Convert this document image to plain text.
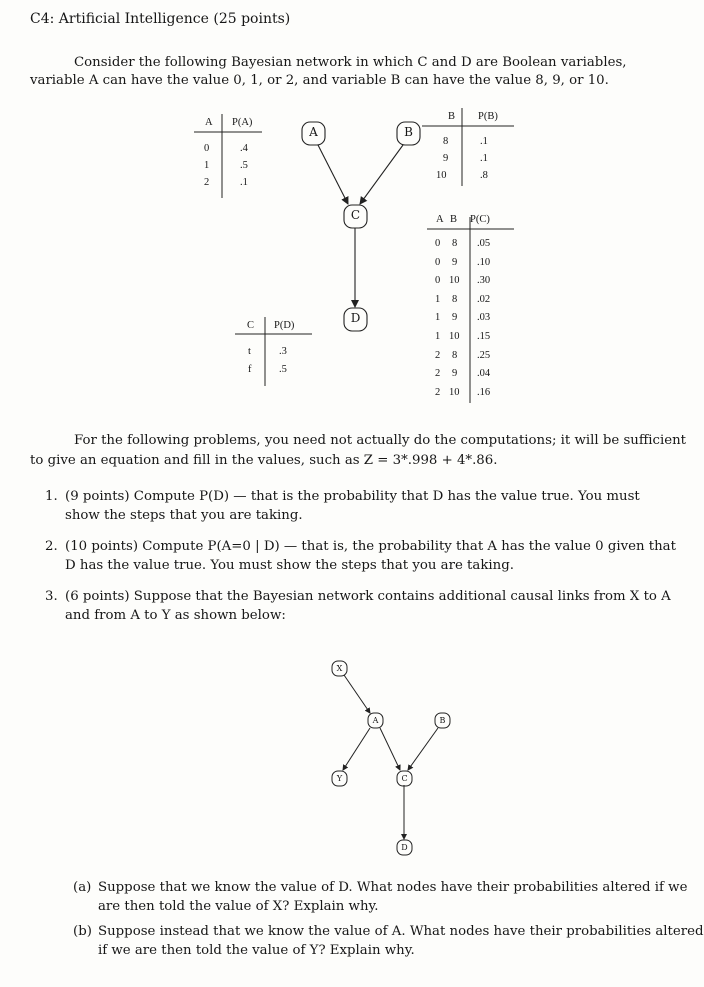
C4: Artificial Intelligence (25 points)
Consider the following Bayesian network in which C and D are Boolean variables,
variable A can have the value 0, 1, or 2, and variable B can have the value 8, 9, or 10.
A	B
C
D
A P(A)
0	.4
1	.5
2	.1
B P(B)
8	.1
9	.1
10	.8
A B P(C)
0 8 .05
0 9 .10
0 10 .30
1 8 .02
1 9 .03
1 10 .15
2 8 .25
2 9 .04
2 10 .16
C P(D)
t	.3
f	.5
For the following problems, you need not actually do the computations; it will be sufficient
to give an equation and fill in the values, such as Z = 3*.998 + 4*.86.
1. (9 points) Compute P(D) — that is the probability that D has the value true. You must
show the steps that you are taking.
2. (10 points) Compute P(A=0 | D) — that is, the probability that A has the value 0 given that
D has the value true. You must show the steps that you are taking.
3. (6 points) Suppose that the Bayesian network contains additional causal links from X to A
and from A to Y as shown below:
X
A	B
Y	C
D
(a) Suppose that we know the value of D. What nodes have their probabilities altered if we
are then told the value of X? Explain why.
(b) Suppose instead that we know the value of A. What nodes have their probabilities altered
if we are then told the value of Y? Explain why.
